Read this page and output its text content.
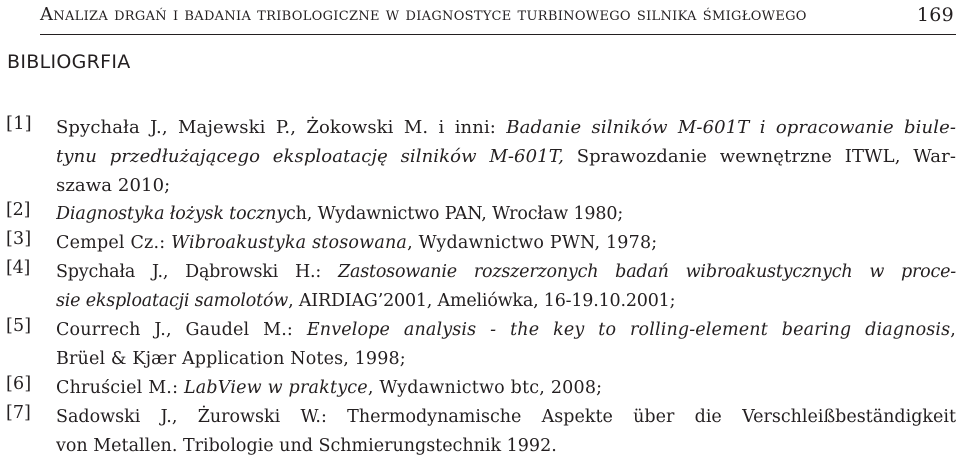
Analiza drgań i badania tribologiczne w diagnostyce turbinowego silnika śmigłowego	169
BIBLIOGRFIA
[1] Spychała J., Majewski P., Żokowski M. i inni: Badanie silników M-601T i opracowanie biule-
tynu przedłużającego eksploatację silników M-601T, Sprawozdanie wewnętrzne ITWL, War-
szawa 2010;
[2] Diagnostyka łożysk tocznych, Wydawnictwo PAN, Wrocław 1980;
[3] Cempel Cz.: Wibroakustyka stosowana, Wydawnictwo PWN, 1978;
[4] Spychała J., Dąbrowski H.: Zastosowanie rozszerzonych badań wibroakustycznych w proce-
sie eksploatacji samolotów, AIRDIAG’2001, Ameliówka, 16-19.10.2001;
[5] Courrech J., Gaudel M.: Envelope analysis - the key to rolling-element bearing diagnosis,
Brüel & Kjær Application Notes, 1998;
[6] Chruściel M.: LabView w praktyce, Wydawnictwo btc, 2008;
[7] Sadowski J., Żurowski W.: Thermodynamische Aspekte über die Verschleißbeständigkeit
von Metallen. Tribologie und Schmierungstechnik 1992.
